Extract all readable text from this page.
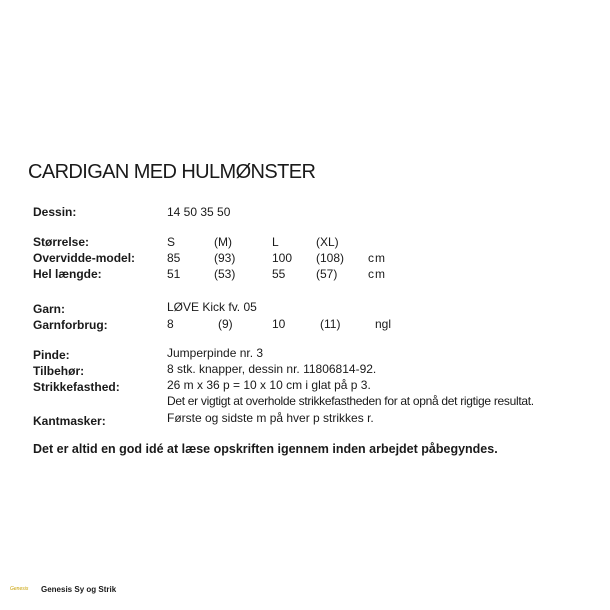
CARDIGAN MED HULMØNSTER
Dessin:	14 50 35 50
Størrelse:	S	(M)	L	(XL)
Overvidde-model:	85	(93)	100 (108) cm
Hel længde:	51	(53)	55	(57)	cm
Garn:	LØVE Kick fv. 05
Garnforbrug:	8	(9)	10	(11)	ngl
Pinde:	Jumperpinde nr. 3
Tilbehør:	8 stk. knapper, dessin nr. 11806814-92.
Strikkefasthed:	26 m x 36 p = 10 x 10 cm i glat på p 3.
Det er vigtigt at overholde strikkefastheden for at opnå det rigtige resultat.
Kantmasker:	Første og sidste m på hver p strikkes r.
Det er altid en god idé at læse opskriften igennem inden arbejdet påbegyndes.
Genesis Genesis Sy og Strik
